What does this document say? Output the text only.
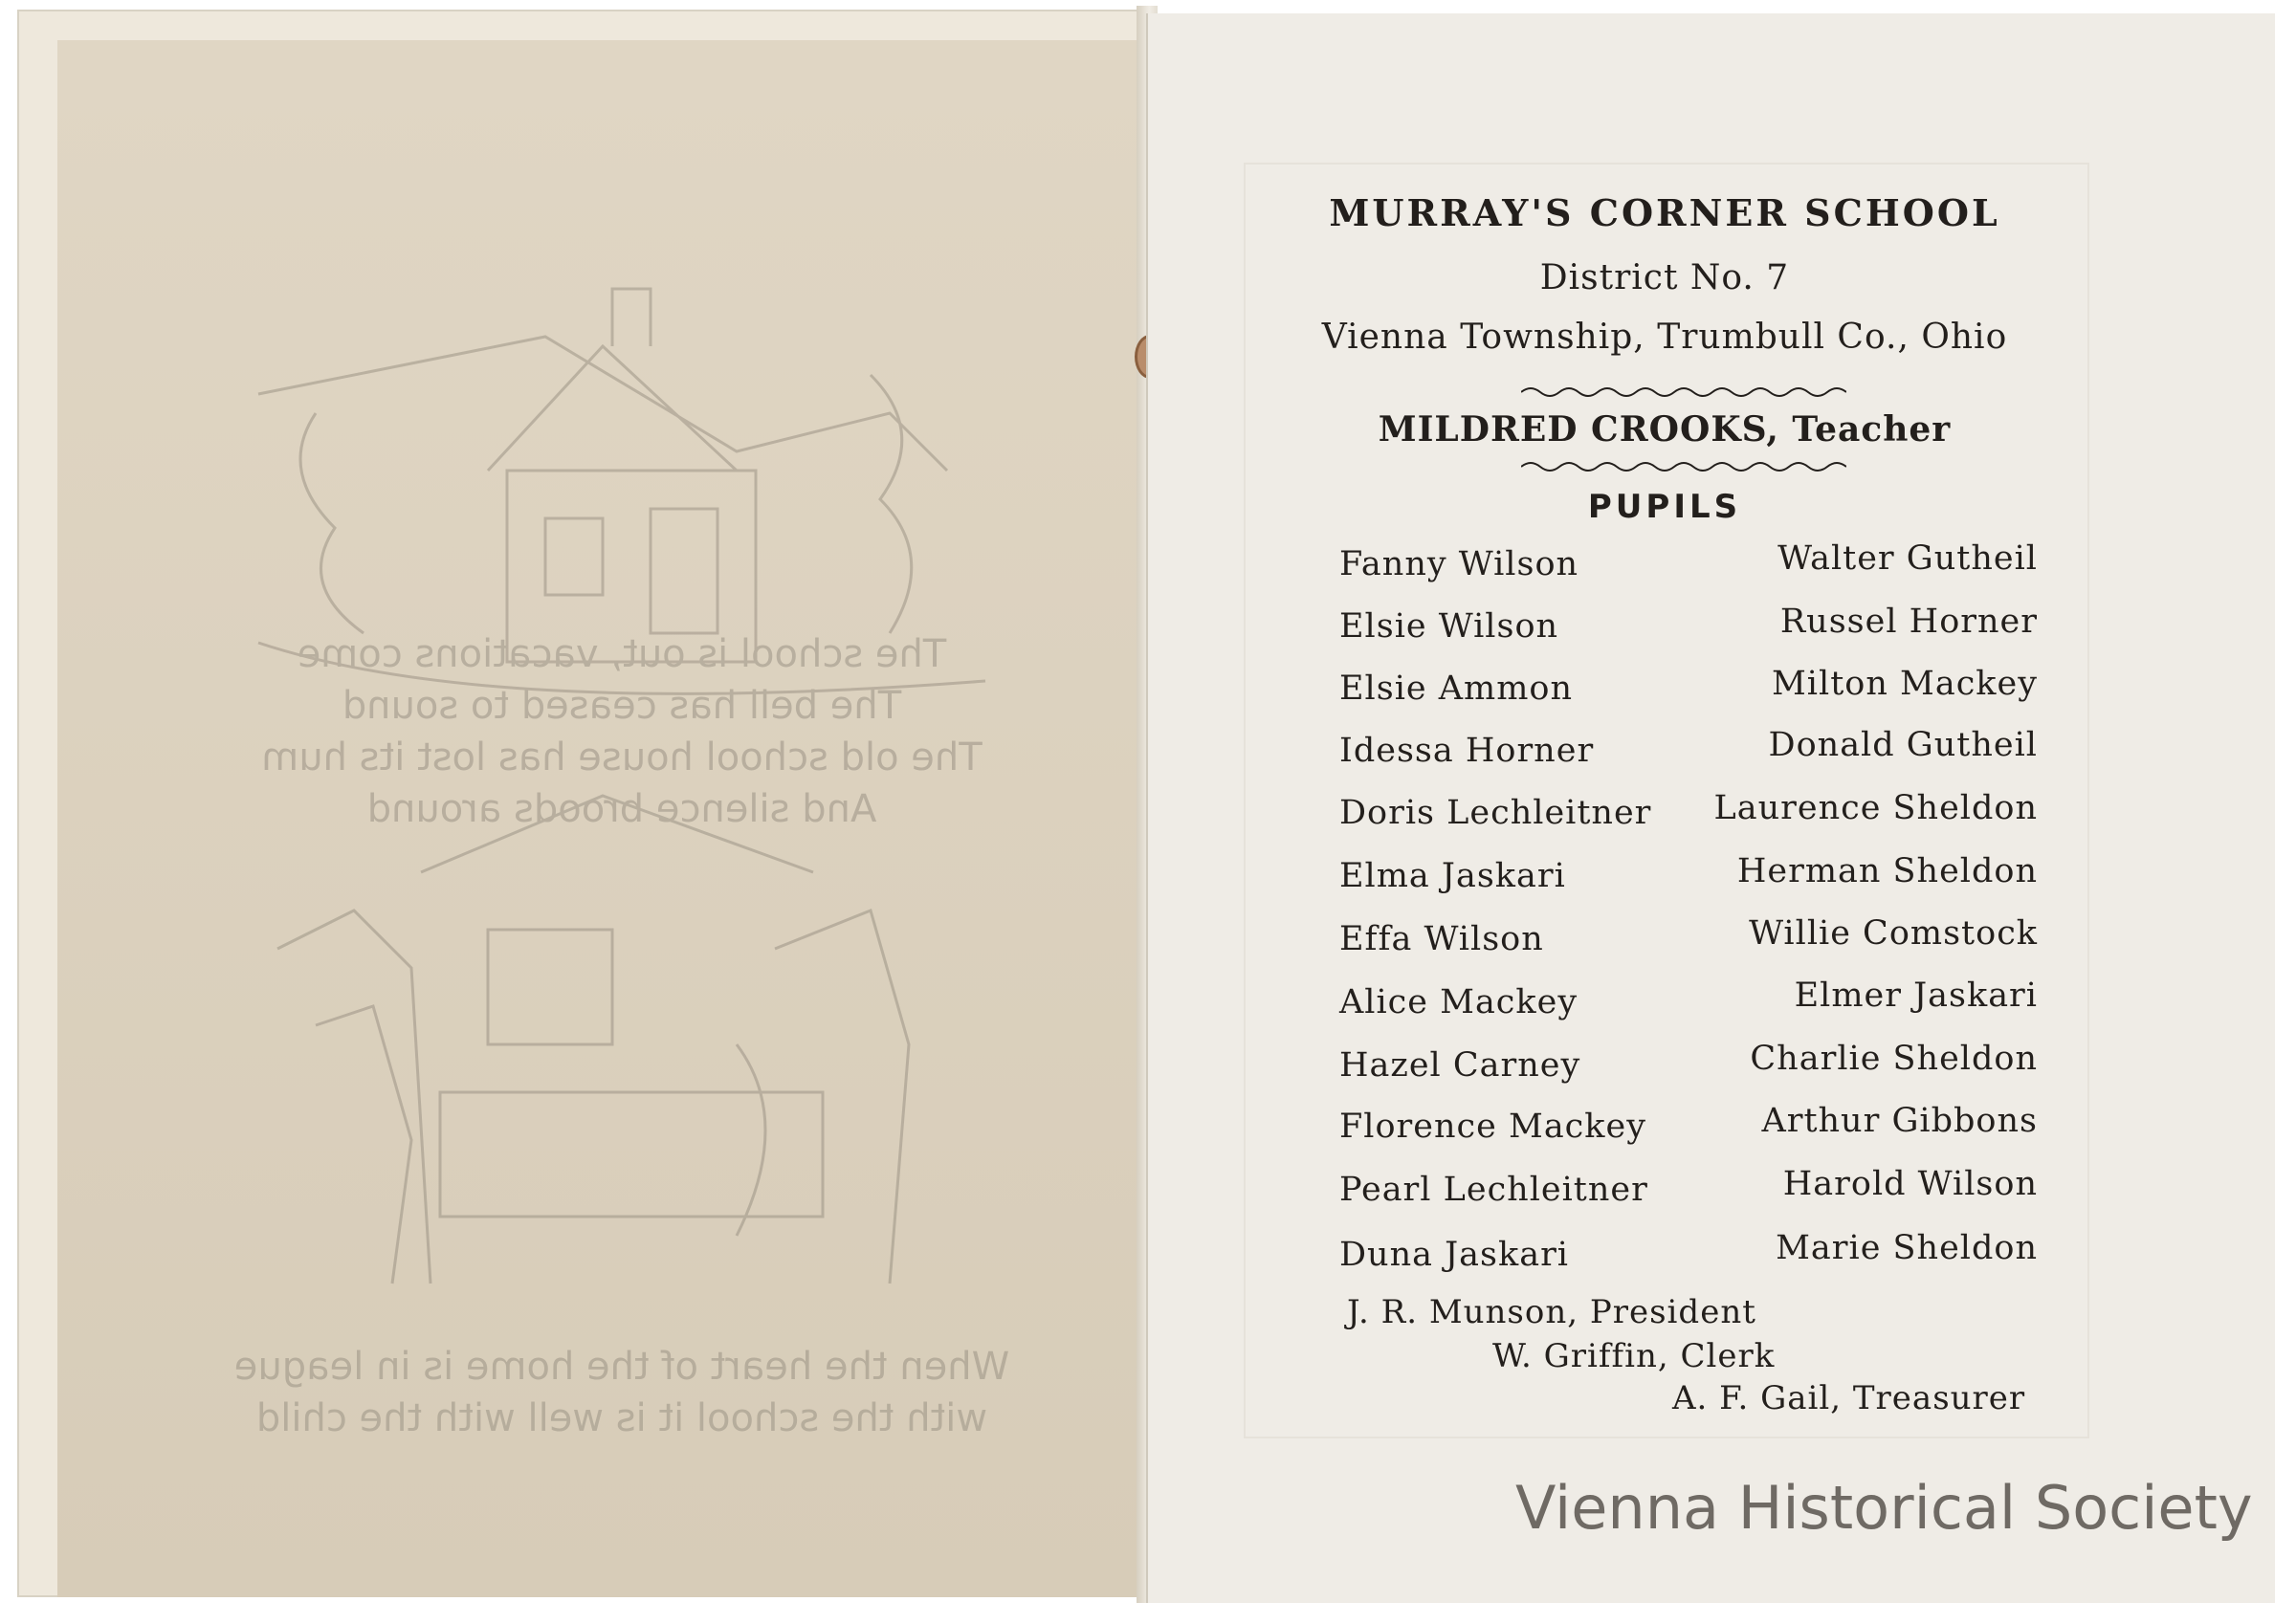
The school is out, vacations come
The bell has ceased to sound
The old school house has lost its hum
And silence broods around
When the heart of the home is in league
with the school it is well with the child
MURRAY'S CORNER SCHOOL
District No. 7
Vienna Township, Trumbull Co., Ohio
MILDRED CROOKS, Teacher
PUPILS
Fanny Wilson
Elsie Wilson
Elsie Ammon
Idessa Horner
Doris Lechleitner
Elma Jaskari
Effa Wilson
Alice Mackey
Hazel Carney
Florence Mackey
Pearl Lechleitner
Duna Jaskari
Walter Gutheil
Russel Horner
Milton Mackey
Donald Gutheil
Laurence Sheldon
Herman Sheldon
Willie Comstock
Elmer Jaskari
Charlie Sheldon
Arthur Gibbons
Harold Wilson
Marie Sheldon
J. R. Munson, President
W. Griffin, Clerk
A. F. Gail, Treasurer
Vienna Historical Society
